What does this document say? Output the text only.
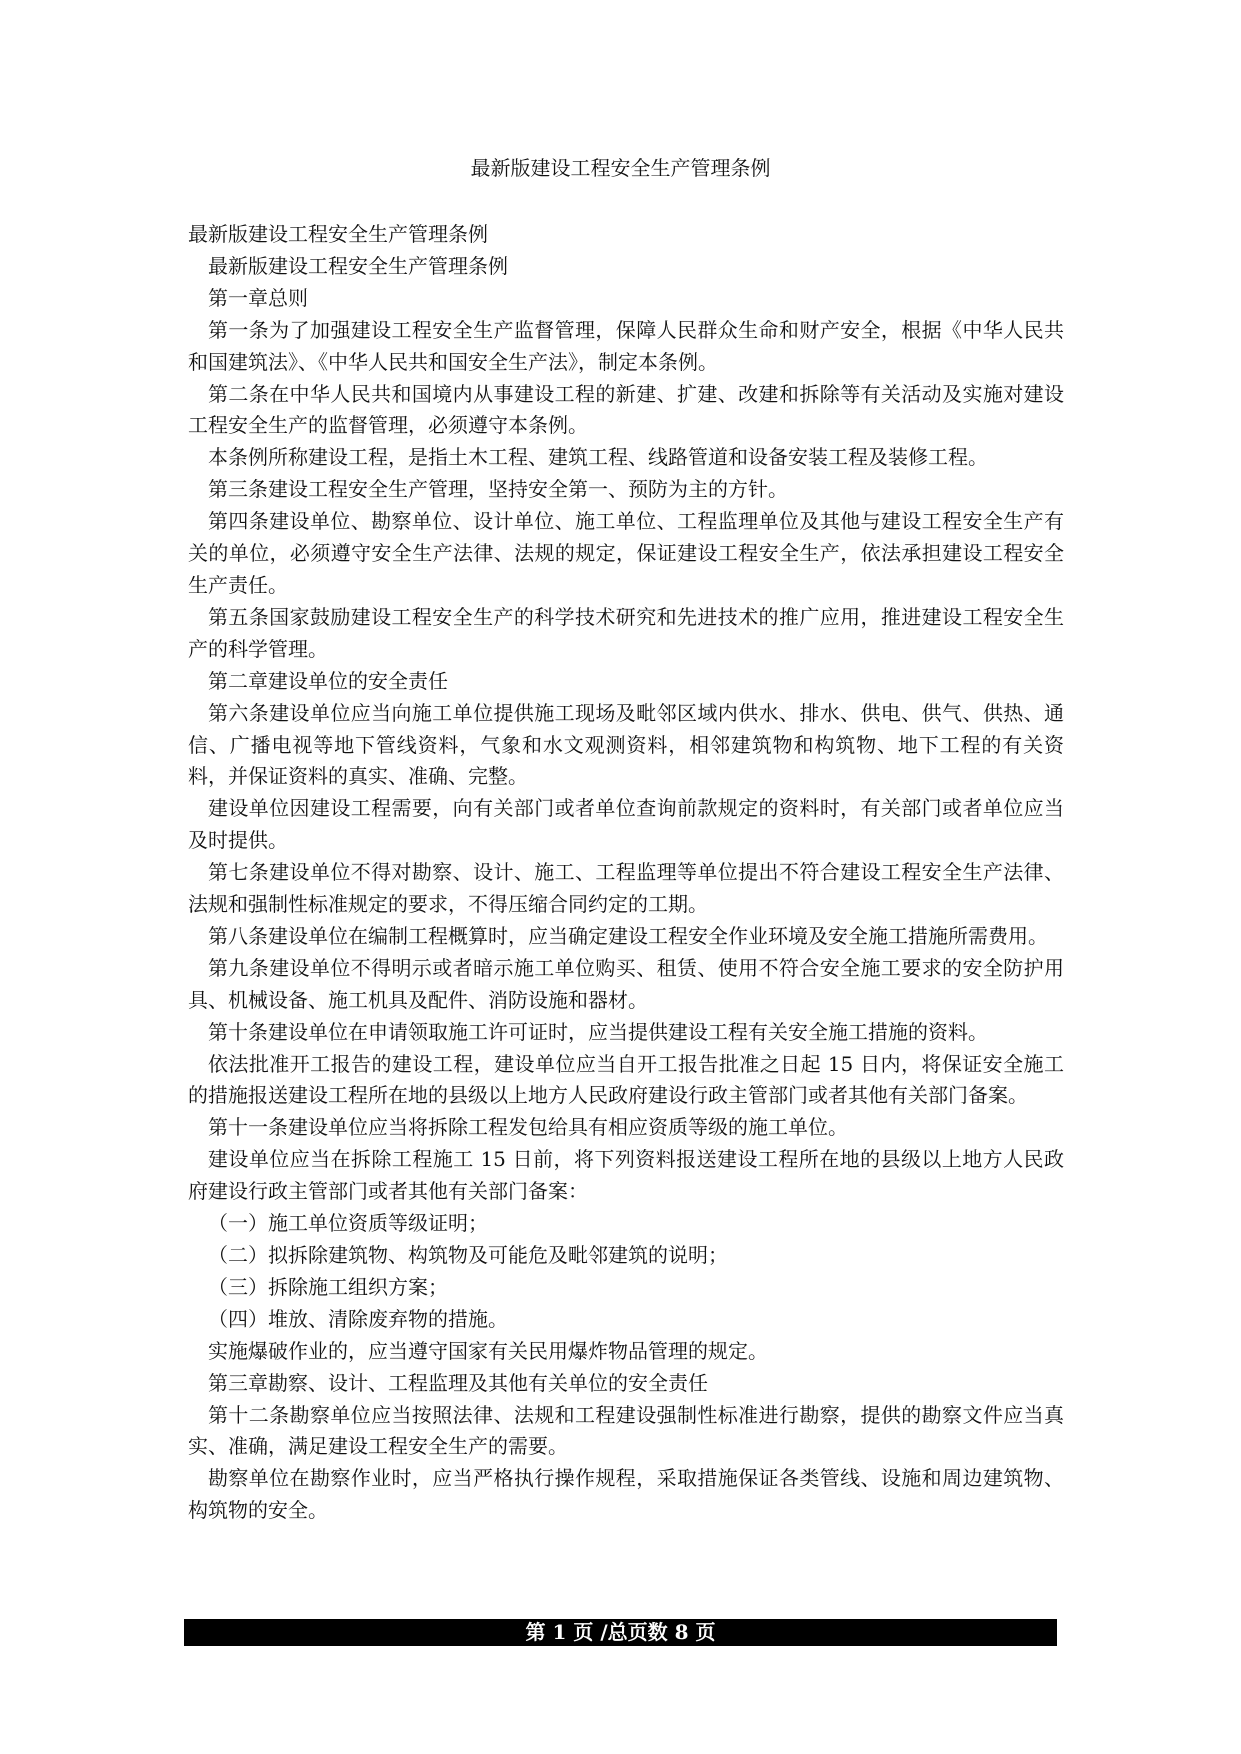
最新版建设工程安全生产管理条例

最新版建设工程安全生产管理条例

最新版建设工程安全生产管理条例

第一章总则

第一条为了加强建设工程安全生产监督管理，保障人民群众生命和财产安全，根据《中华人民共和国建筑法》、《中华人民共和国安全生产法》，制定本条例。

第二条在中华人民共和国境内从事建设工程的新建、扩建、改建和拆除等有关活动及实施对建设工程安全生产的监督管理，必须遵守本条例。

本条例所称建设工程，是指土木工程、建筑工程、线路管道和设备安装工程及装修工程。

第三条建设工程安全生产管理，坚持安全第一、预防为主的方针。

第四条建设单位、勘察单位、设计单位、施工单位、工程监理单位及其他与建设工程安全生产有关的单位，必须遵守安全生产法律、法规的规定，保证建设工程安全生产，依法承担建设工程安全生产责任。

第五条国家鼓励建设工程安全生产的科学技术研究和先进技术的推广应用，推进建设工程安全生产的科学管理。

第二章建设单位的安全责任

第六条建设单位应当向施工单位提供施工现场及毗邻区域内供水、排水、供电、供气、供热、通信、广播电视等地下管线资料，气象和水文观测资料，相邻建筑物和构筑物、地下工程的有关资料，并保证资料的真实、准确、完整。

建设单位因建设工程需要，向有关部门或者单位查询前款规定的资料时，有关部门或者单位应当及时提供。

第七条建设单位不得对勘察、设计、施工、工程监理等单位提出不符合建设工程安全生产法律、法规和强制性标准规定的要求，不得压缩合同约定的工期。

第八条建设单位在编制工程概算时，应当确定建设工程安全作业环境及安全施工措施所需费用。

第九条建设单位不得明示或者暗示施工单位购买、租赁、使用不符合安全施工要求的安全防护用具、机械设备、施工机具及配件、消防设施和器材。

第十条建设单位在申请领取施工许可证时，应当提供建设工程有关安全施工措施的资料。

依法批准开工报告的建设工程，建设单位应当自开工报告批准之日起 15 日内，将保证安全施工的措施报送建设工程所在地的县级以上地方人民政府建设行政主管部门或者其他有关部门备案。

第十一条建设单位应当将拆除工程发包给具有相应资质等级的施工单位。

建设单位应当在拆除工程施工 15 日前，将下列资料报送建设工程所在地的县级以上地方人民政府建设行政主管部门或者其他有关部门备案：

（一）施工单位资质等级证明；

（二）拟拆除建筑物、构筑物及可能危及毗邻建筑的说明；

（三）拆除施工组织方案；

（四）堆放、清除废弃物的措施。

实施爆破作业的，应当遵守国家有关民用爆炸物品管理的规定。

第三章勘察、设计、工程监理及其他有关单位的安全责任

第十二条勘察单位应当按照法律、法规和工程建设强制性标准进行勘察，提供的勘察文件应当真实、准确，满足建设工程安全生产的需要。

勘察单位在勘察作业时，应当严格执行操作规程，采取措施保证各类管线、设施和周边建筑物、构筑物的安全。

第 1 页 /总页数 8 页
